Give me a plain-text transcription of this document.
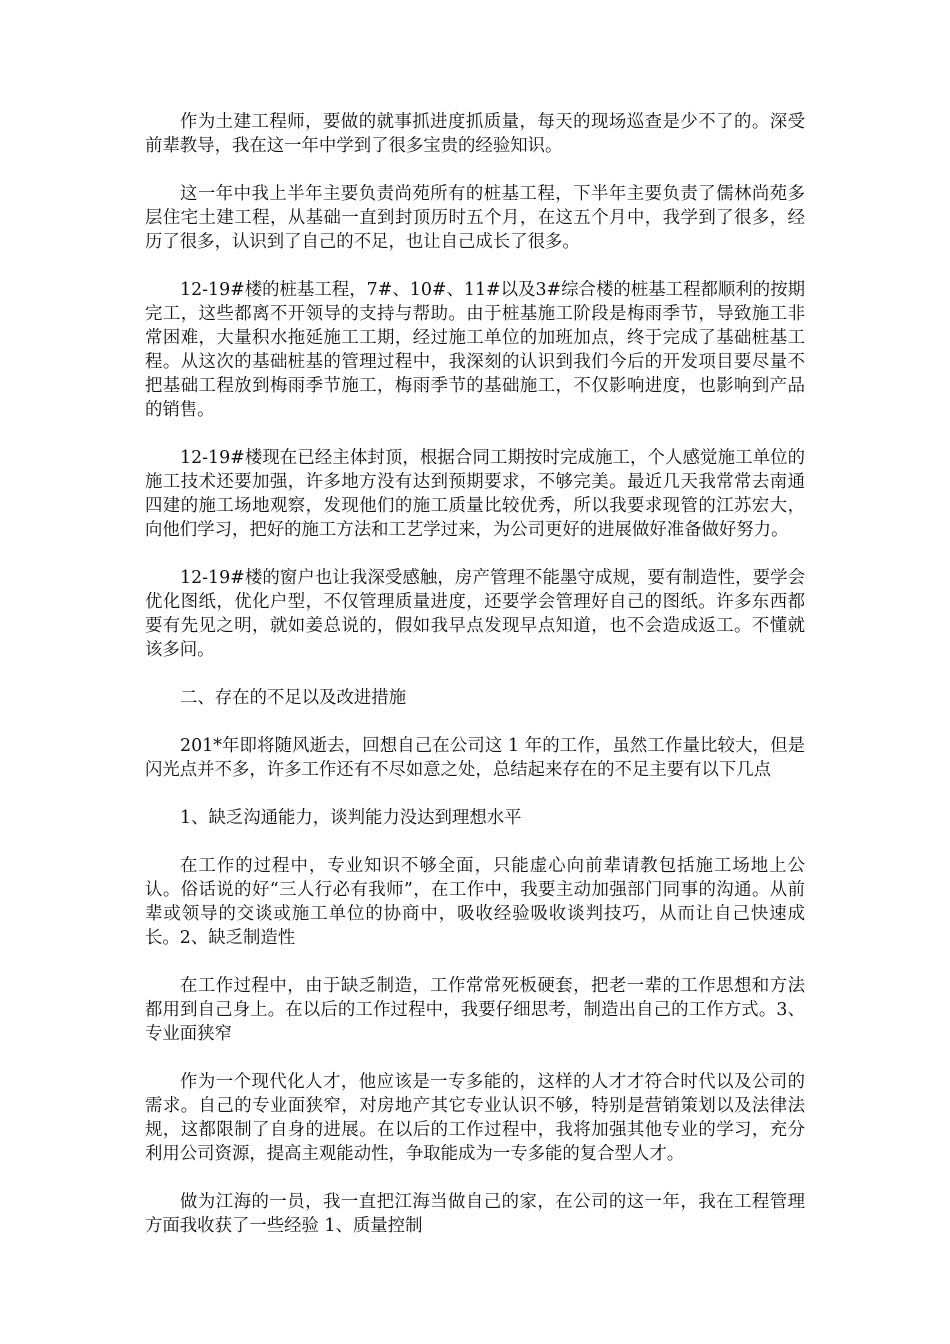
作为土建工程师，要做的就事抓进度抓质量，每天的现场巡查是少不了的。深受前辈教导，我在这一年中学到了很多宝贵的经验知识。

这一年中我上半年主要负责尚苑所有的桩基工程，下半年主要负责了儒林尚苑多层住宅土建工程，从基础一直到封顶历时五个月，在这五个月中，我学到了很多，经历了很多，认识到了自己的不足，也让自己成长了很多。

12-19#楼的桩基工程，7#、10#、11#以及3#综合楼的桩基工程都顺利的按期完工，这些都离不开领导的支持与帮助。由于桩基施工阶段是梅雨季节，导致施工非常困难，大量积水拖延施工工期，经过施工单位的加班加点，终于完成了基础桩基工程。从这次的基础桩基的管理过程中，我深刻的认识到我们今后的开发项目要尽量不把基础工程放到梅雨季节施工，梅雨季节的基础施工，不仅影响进度，也影响到产品的销售。

12-19#楼现在已经主体封顶，根据合同工期按时完成施工，个人感觉施工单位的施工技术还要加强，许多地方没有达到预期要求，不够完美。最近几天我常常去南通四建的施工场地观察，发现他们的施工质量比较优秀，所以我要求现管的江苏宏大，向他们学习，把好的施工方法和工艺学过来，为公司更好的进展做好准备做好努力。

12-19#楼的窗户也让我深受感触，房产管理不能墨守成规，要有制造性，要学会优化图纸，优化户型，不仅管理质量进度，还要学会管理好自己的图纸。许多东西都要有先见之明，就如姜总说的，假如我早点发现早点知道，也不会造成返工。不懂就该多问。

二、存在的不足以及改进措施

201*年即将随风逝去，回想自己在公司这 1 年的工作，虽然工作量比较大，但是闪光点并不多，许多工作还有不尽如意之处，总结起来存在的不足主要有以下几点

1、缺乏沟通能力，谈判能力没达到理想水平

在工作的过程中，专业知识不够全面，只能虚心向前辈请教包括施工场地上公认。俗话说的好“三人行必有我师”，在工作中，我要主动加强部门同事的沟通。从前辈或领导的交谈或施工单位的协商中，吸收经验吸收谈判技巧，从而让自己快速成长。2、缺乏制造性

在工作过程中，由于缺乏制造，工作常常死板硬套，把老一辈的工作思想和方法都用到自己身上。在以后的工作过程中，我要仔细思考，制造出自己的工作方式。3、专业面狭窄

作为一个现代化人才，他应该是一专多能的，这样的人才才符合时代以及公司的需求。自己的专业面狭窄，对房地产其它专业认识不够，特别是营销策划以及法律法规，这都限制了自身的进展。在以后的工作过程中，我将加强其他专业的学习，充分利用公司资源，提高主观能动性，争取能成为一专多能的复合型人才。

做为江海的一员，我一直把江海当做自己的家，在公司的这一年，我在工程管理方面我收获了一些经验 1、质量控制
